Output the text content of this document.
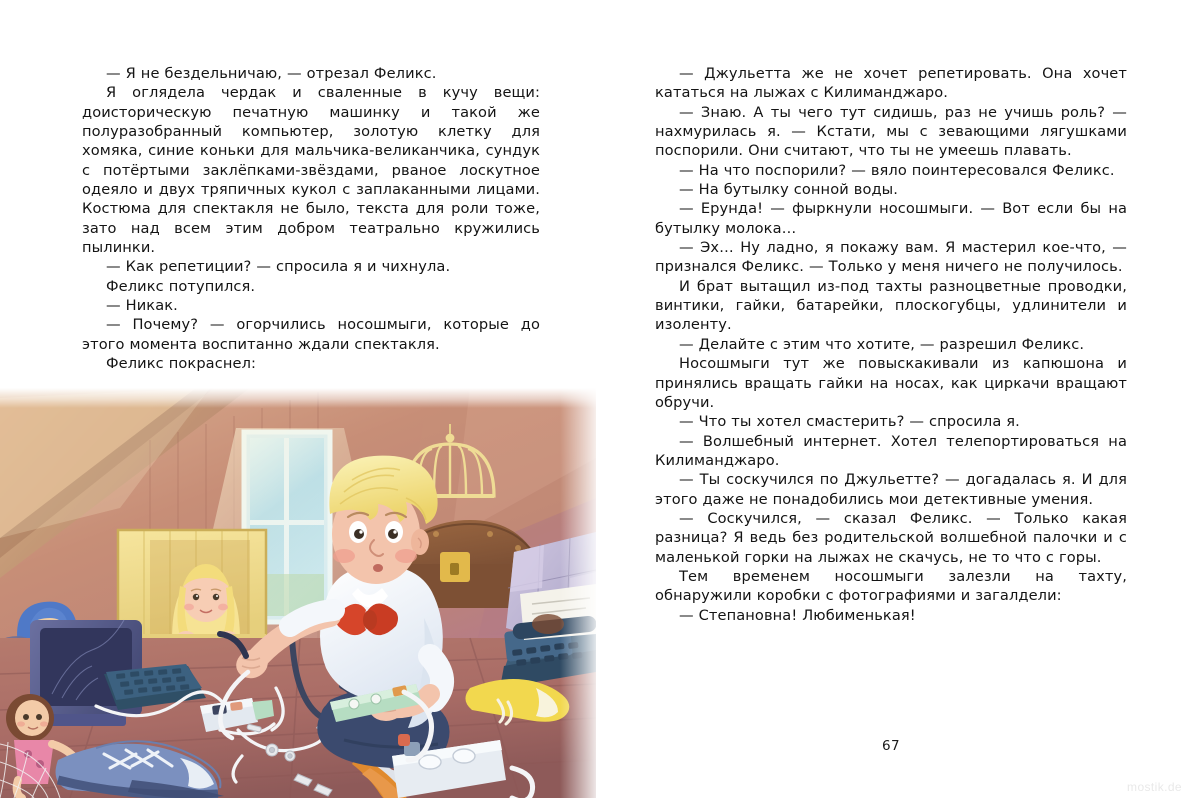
— Я не бездельничаю, — отрезал Феликс.

Я оглядела чердак и сваленные в кучу вещи: доисторическую печатную машинку и такой же полуразобранный компьютер, золотую клетку для хомяка, синие коньки для мальчика-великанчика, сундук с потёртыми заклёпками-звёздами, рваное лоскутное одеяло и двух тряпичных кукол с заплаканными лицами. Костюма для спектакля не было, текста для роли тоже, зато над всем этим добром театрально кружились пылинки.

— Как репетиции? — спросила я и чихнула.

Феликс потупился.

— Никак.

— Почему? — огорчились носошмыги, которые до этого момента воспитанно ждали спектакля.

Феликс покраснел:

— Джульетта же не хочет репетировать. Она хочет кататься на лыжах с Килиманджаро.

— Знаю. А ты чего тут сидишь, раз не учишь роль? — нахмурилась я. — Кстати, мы с зевающими лягушками поспорили. Они считают, что ты не умеешь плавать.

— На что поспорили? — вяло поинтересовался Феликс.

— На бутылку сонной воды.

— Ерунда! — фыркнули носошмыги. — Вот если бы на бутылку молока…

— Эх… Ну ладно, я покажу вам. Я мастерил кое-что, — признался Феликс. — Только у меня ничего не получилось.

И брат вытащил из-под тахты разноцветные проводки, винтики, гайки, батарейки, плоскогубцы, удлинители и изоленту.

— Делайте с этим что хотите, — разрешил Феликс.

Носошмыги тут же повыскакивали из капюшона и принялись вращать гайки на носах, как циркачи вращают обручи.

— Что ты хотел смастерить? — спросила я.

— Волшебный интернет. Хотел телепортироваться на Килиманджаро.

— Ты соскучился по Джульетте? — догадалась я. И для этого даже не понадобились мои детективные умения.

— Соскучился, — сказал Феликс. — Только какая разница? Я ведь без родительской волшебной палочки и с маленькой горки на лыжах не скачусь, не то что с горы.

Тем временем носошмыги залезли на тахту, обнаружили коробки с фотографиями и загалдели:

— Степановна! Любименькая!

67
mostik.de
